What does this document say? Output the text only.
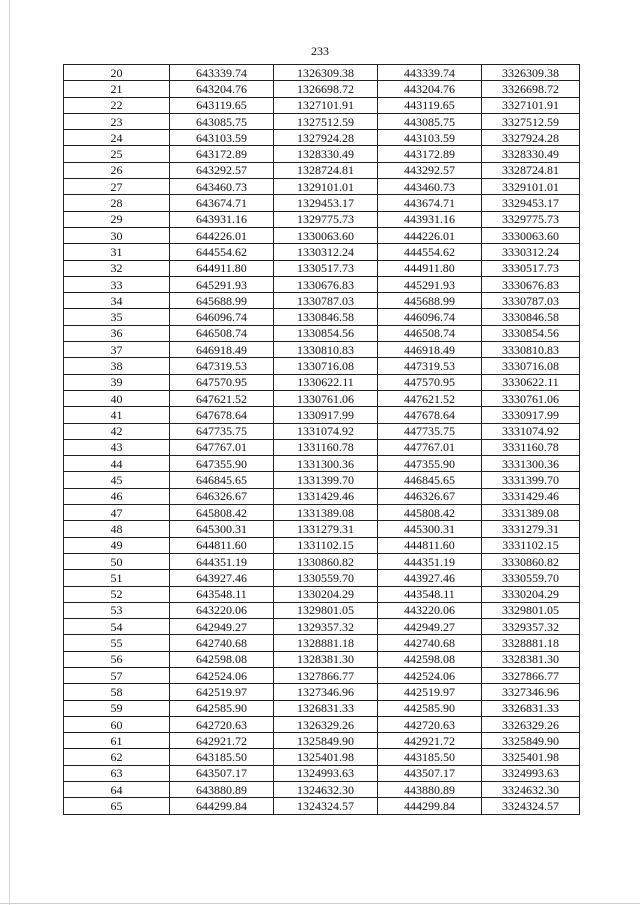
233
20	643339.74	1326309.38	443339.74	3326309.38
21	643204.76	1326698.72	443204.76	3326698.72
22	643119.65	1327101.91	443119.65	3327101.91
23	643085.75	1327512.59	443085.75	3327512.59
24	643103.59	1327924.28	443103.59	3327924.28
25	643172.89	1328330.49	443172.89	3328330.49
26	643292.57	1328724.81	443292.57	3328724.81
27	643460.73	1329101.01	443460.73	3329101.01
28	643674.71	1329453.17	443674.71	3329453.17
29	643931.16	1329775.73	443931.16	3329775.73
30	644226.01	1330063.60	444226.01	3330063.60
31	644554.62	1330312.24	444554.62	3330312.24
32	644911.80	1330517.73	444911.80	3330517.73
33	645291.93	1330676.83	445291.93	3330676.83
34	645688.99	1330787.03	445688.99	3330787.03
35	646096.74	1330846.58	446096.74	3330846.58
36	646508.74	1330854.56	446508.74	3330854.56
37	646918.49	1330810.83	446918.49	3330810.83
38	647319.53	1330716.08	447319.53	3330716.08
39	647570.95	1330622.11	447570.95	3330622.11
40	647621.52	1330761.06	447621.52	3330761.06
41	647678.64	1330917.99	447678.64	3330917.99
42	647735.75	1331074.92	447735.75	3331074.92
43	647767.01	1331160.78	447767.01	3331160.78
44	647355.90	1331300.36	447355.90	3331300.36
45	646845.65	1331399.70	446845.65	3331399.70
46	646326.67	1331429.46	446326.67	3331429.46
47	645808.42	1331389.08	445808.42	3331389.08
48	645300.31	1331279.31	445300.31	3331279.31
49	644811.60	1331102.15	444811.60	3331102.15
50	644351.19	1330860.82	444351.19	3330860.82
51	643927.46	1330559.70	443927.46	3330559.70
52	643548.11	1330204.29	443548.11	3330204.29
53	643220.06	1329801.05	443220.06	3329801.05
54	642949.27	1329357.32	442949.27	3329357.32
55	642740.68	1328881.18	442740.68	3328881.18
56	642598.08	1328381.30	442598.08	3328381.30
57	642524.06	1327866.77	442524.06	3327866.77
58	642519.97	1327346.96	442519.97	3327346.96
59	642585.90	1326831.33	442585.90	3326831.33
60	642720.63	1326329.26	442720.63	3326329.26
61	642921.72	1325849.90	442921.72	3325849.90
62	643185.50	1325401.98	443185.50	3325401.98
63	643507.17	1324993.63	443507.17	3324993.63
64	643880.89	1324632.30	443880.89	3324632.30
65	644299.84	1324324.57	444299.84	3324324.57
